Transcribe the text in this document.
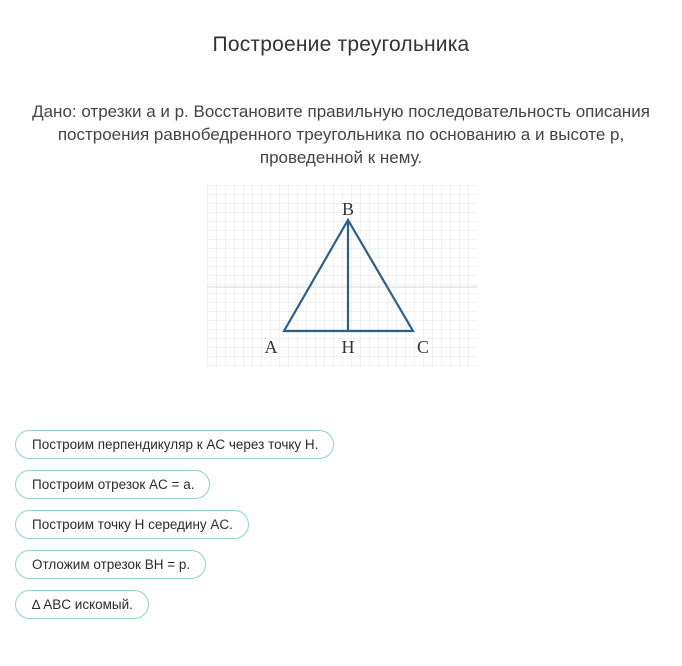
Построение треугольника
Дано: отрезки a и p. Восстановите правильную последовательность описания построения равнобедренного треугольника по основанию a и высоте p, проведенной к нему.
B
A	H	C
Построим перпендикуляр к AC через точку H.
Построим отрезок AC = a.
Построим точку H середину AC.
Отложим отрезок BH = p.
∆ ABC искомый.
